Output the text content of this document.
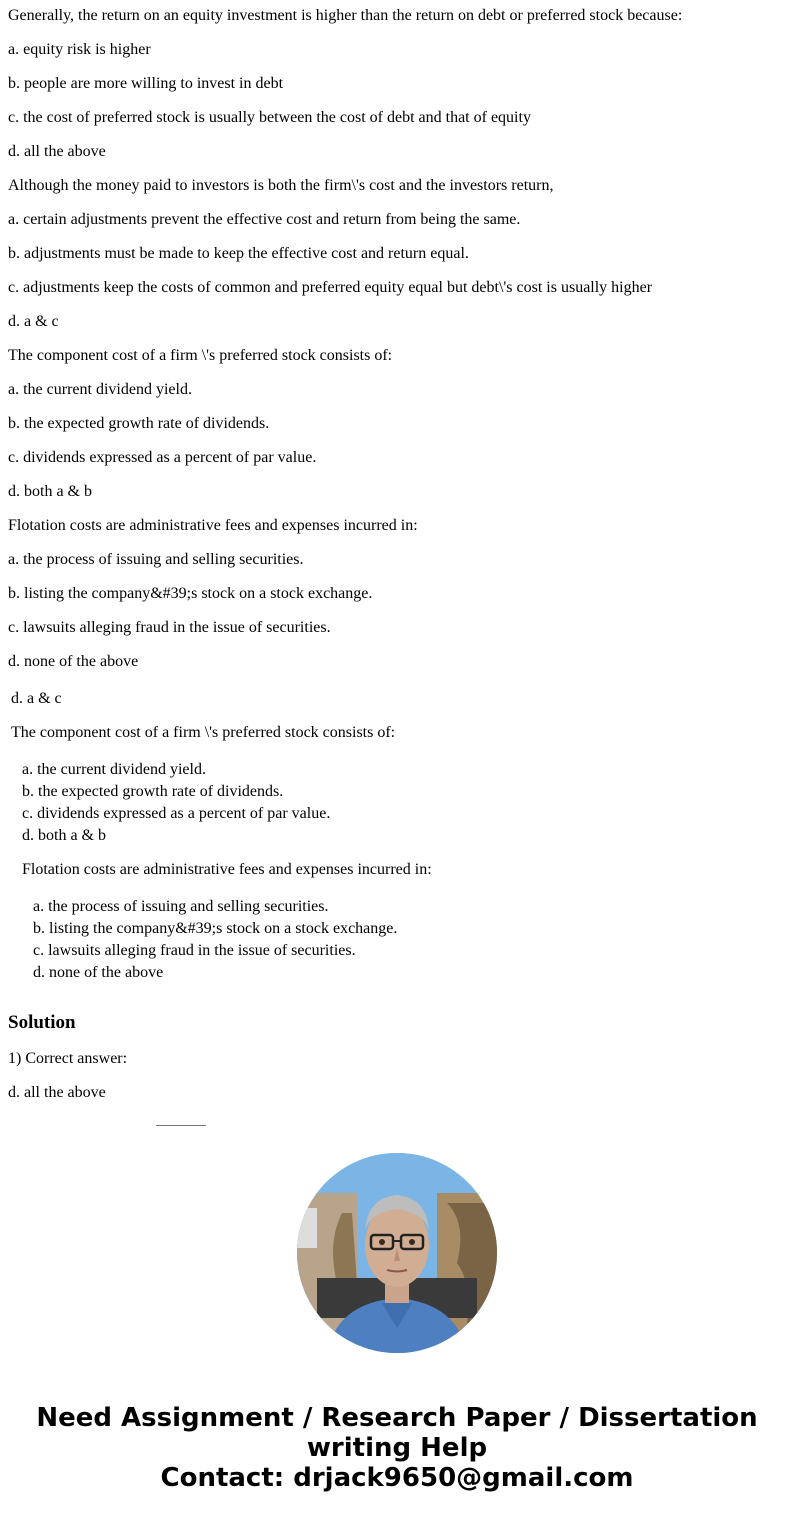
Generally, the return on an equity investment is higher than the return on debt or preferred stock because:

a. equity risk is higher

b. people are more willing to invest in debt

c. the cost of preferred stock is usually between the cost of debt and that of equity

d. all the above

Although the money paid to investors is both the firm\'s cost and the investors return,

a. certain adjustments prevent the effective cost and return from being the same.

b. adjustments must be made to keep the effective cost and return equal.

c. adjustments keep the costs of common and preferred equity equal but debt\'s cost is usually higher

d. a & c

The component cost of a firm \'s preferred stock consists of:

a. the current dividend yield.

b. the expected growth rate of dividends.

c. dividends expressed as a percent of par value.

d. both a & b

Flotation costs are administrative fees and expenses incurred in:

a. the process of issuing and selling securities.

b. listing the company&#39;s stock on a stock exchange.

c. lawsuits alleging fraud in the issue of securities.

d. none of the above

d. a & c
The component cost of a firm \'s preferred stock consists of:
a. the current dividend yield.
b. the expected growth rate of dividends.
c. dividends expressed as a percent of par value.
d. both a & b
Flotation costs are administrative fees and expenses incurred in:
a. the process of issuing and selling securities.
b. listing the company&#39;s stock on a stock exchange.
c. lawsuits alleging fraud in the issue of securities.
d. none of the above
Solution

1) Correct answer:

d. all the above

Need Assignment / Research Paper / Dissertation
writing Help
Contact: drjack9650@gmail.com
